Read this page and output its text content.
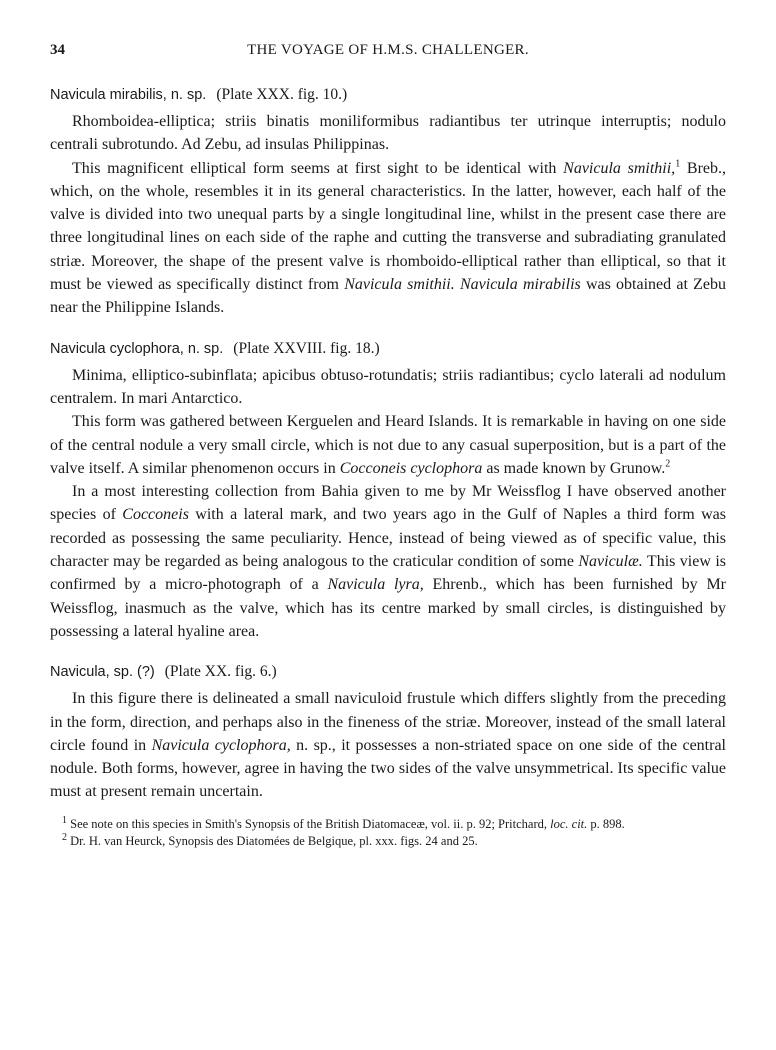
34	THE VOYAGE OF H.M.S. CHALLENGER.
Navicula mirabilis, n. sp. (Plate XXX. fig. 10.)

Rhomboidea-elliptica; striis binatis moniliformibus radiantibus ter utrinque interruptis; nodulo centrali subrotundo. Ad Zebu, ad insulas Philippinas.

This magnificent elliptical form seems at first sight to be identical with Navicula smithii,$^1$ Breb., which, on the whole, resembles it in its general characteristics. In the latter, however, each half of the valve is divided into two unequal parts by a single longitudinal line, whilst in the present case there are three longitudinal lines on each side of the raphe and cutting the transverse and subradiating granulated striæ. Moreover, the shape of the present valve is rhomboido-elliptical rather than elliptical, so that it must be viewed as specifically distinct from Navicula smithii. Navicula mirabilis was obtained at Zebu near the Philippine Islands.

Navicula cyclophora, n. sp. (Plate XXVIII. fig. 18.)

Minima, elliptico-subinflata; apicibus obtuso-rotundatis; striis radiantibus; cyclo laterali ad nodulum centralem. In mari Antarctico.

This form was gathered between Kerguelen and Heard Islands. It is remarkable in having on one side of the central nodule a very small circle, which is not due to any casual superposition, but is a part of the valve itself. A similar phenomenon occurs in Cocconeis cyclophora as made known by Grunow.$^2$

In a most interesting collection from Bahia given to me by Mr Weissflog I have observed another species of Cocconeis with a lateral mark, and two years ago in the Gulf of Naples a third form was recorded as possessing the same peculiarity. Hence, instead of being viewed as of specific value, this character may be regarded as being analogous to the craticular condition of some Naviculæ. This view is confirmed by a micro-photograph of a Navicula lyra, Ehrenb., which has been furnished by Mr Weissflog, inasmuch as the valve, which has its centre marked by small circles, is distinguished by possessing a lateral hyaline area.

Navicula, sp. (?) (Plate XX. fig. 6.)

In this figure there is delineated a small naviculoid frustule which differs slightly from the preceding in the form, direction, and perhaps also in the fineness of the striæ. Moreover, instead of the small lateral circle found in Navicula cyclophora, n. sp., it possesses a non-striated space on one side of the central nodule. Both forms, however, agree in having the two sides of the valve unsymmetrical. Its specific value must at present remain uncertain.

$^1$ See note on this species in Smith's Synopsis of the British Diatomaceæ, vol. ii. p. 92; Pritchard, loc. cit. p. 898.

$^2$ Dr. H. van Heurck, Synopsis des Diatomées de Belgique, pl. xxx. figs. 24 and 25.
